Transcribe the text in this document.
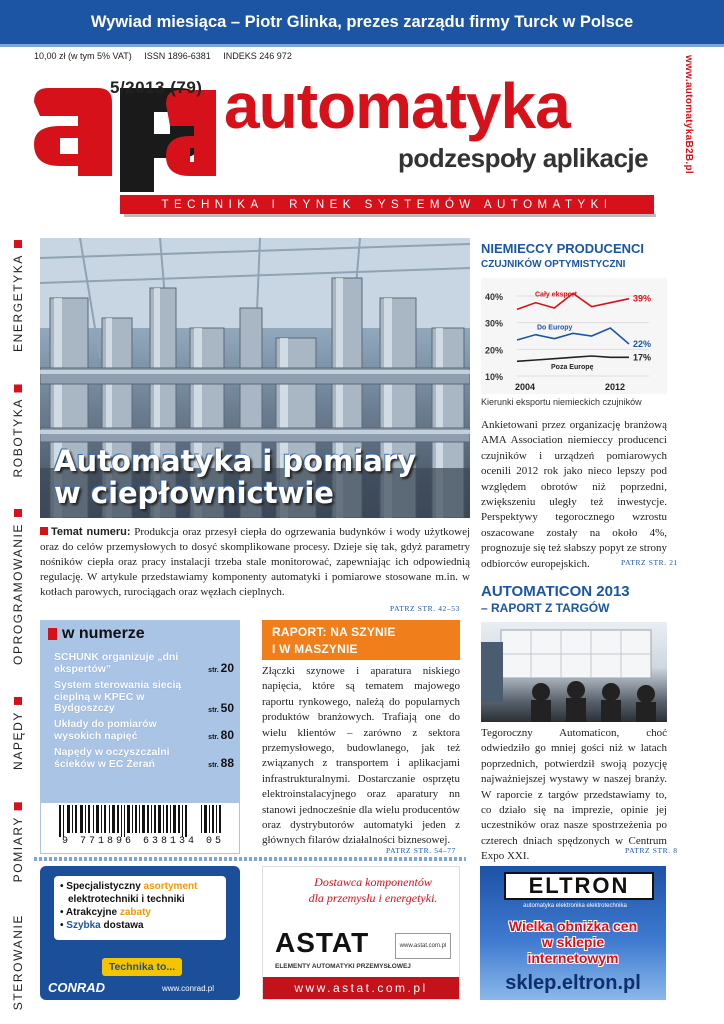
Wywiad miesiąca – Piotr Glinka, prezes zarządu firmy Turck w Polsce
10,00 zł (w tym 5% VAT) ISSN 1896-6381 INDEKS 246 972	www.automatykaB2B.pl
5/2013 (79) automatyka
podzespoły aplikacje
TECHNIKA I RYNEK SYSTEMÓW AUTOMATYKI
ENERGETYKA
ROBOTYKA
OPROGRAMOWANIE
NAPĘDY
POMIARY
STEROWANIE
Automatyka i pomiary
w ciepłownictwie
Temat numeru: Produkcja oraz przesył ciepła do ogrzewania budynków i wody użytkowej oraz do celów przemysłowych to dosyć skomplikowane procesy. Dzieje się tak, gdyż parametry nośników ciepła oraz pracy instalacji trzeba stale monitorować, zapewniając ich odpowiednią regulację. W artykule przedstawiamy komponenty automatyki i pomiarowe stosowane m.in. w kotłach parowych, rurociągach oraz węzłach cieplnych.
PATRZ STR. 42–53
w numerze
SCHUNK organizuje „dni ekspertów”	str. 20
System sterowania siecią cieplną w KPEC w Bydgoszczy	str. 50
Układy do pomiarów wysokich napięć	str. 80
Napędy w oczyszczalni ścieków w EC Żerań	str. 88
9 771896 638134 05
RAPORT: NA SZYNIE
I W MASZYNIE
Złączki szynowe i aparatura niskiego napięcia, które są tematem majowego raportu rynkowego, należą do popularnych produktów branżowych. Trafiają one do wielu klientów – zarówno z sektora przemysłowego, budowlanego, jak też związanych z transportem i aplikacjami infrastrukturalnymi. Dostarczanie osprzętu elektroinstalacyjnego oraz aparatury nn stanowi jednocześnie dla wielu producentów oraz dystrybutorów automatyki jeden z głównych filarów działalności biznesowej.
PATRZ STR. 54–77
NIEMIECCY PRODUCENCI
CZUJNIKÓW OPTYMISTYCZNI
40%
30%
20%
10%
Cały eksport	39%
Do Europy
22%
Poza Europę
17%
2004	2012
Kierunki eksportu niemieckich czujników
Ankietowani przez organizację branżową AMA Association niemieccy producenci czujników i urządzeń pomiarowych ocenili 2012 rok jako nieco lepszy pod względem obrotów niż poprzedni, zwiększeniu uległy też inwestycje. Perspektywy tegorocznego wzrostu oszacowane zostały na około 4%, prognozuje się też słabszy popyt ze strony odbiorców europejskich.	PATRZ STR. 21
AUTOMATICON 2013
– RAPORT Z TARGÓW
Tegoroczny Automaticon, choć odwiedziło go mniej gości niż w latach poprzednich, potwierdził swoją pozycję najważniejszej wystawy w naszej branży. W raporcie z targów przedstawiamy to, co działo się na imprezie, opinie jej uczestników oraz nasze spostrzeżenia po czterech dniach spędzonych w Centrum Expo XXI.	PATRZ STR. 8
• Specjalistyczny asortyment
elektrotechniki i techniki
• Atrakcyjne zabaty
• Szybka dostawa
Technika to...
CONRAD	www.conrad.pl
Dostawca komponentów
dla przemysłu i energetyki.
ASTAT	www.astat.com.pl
ELEMENTY AUTOMATYKI PRZEMYSŁOWEJ
www.astat.com.pl
ELTRON
automatyka elektronika elektrotechnika
Wielka obniżka cen
w sklepie
internetowym
sklep.eltron.pl
